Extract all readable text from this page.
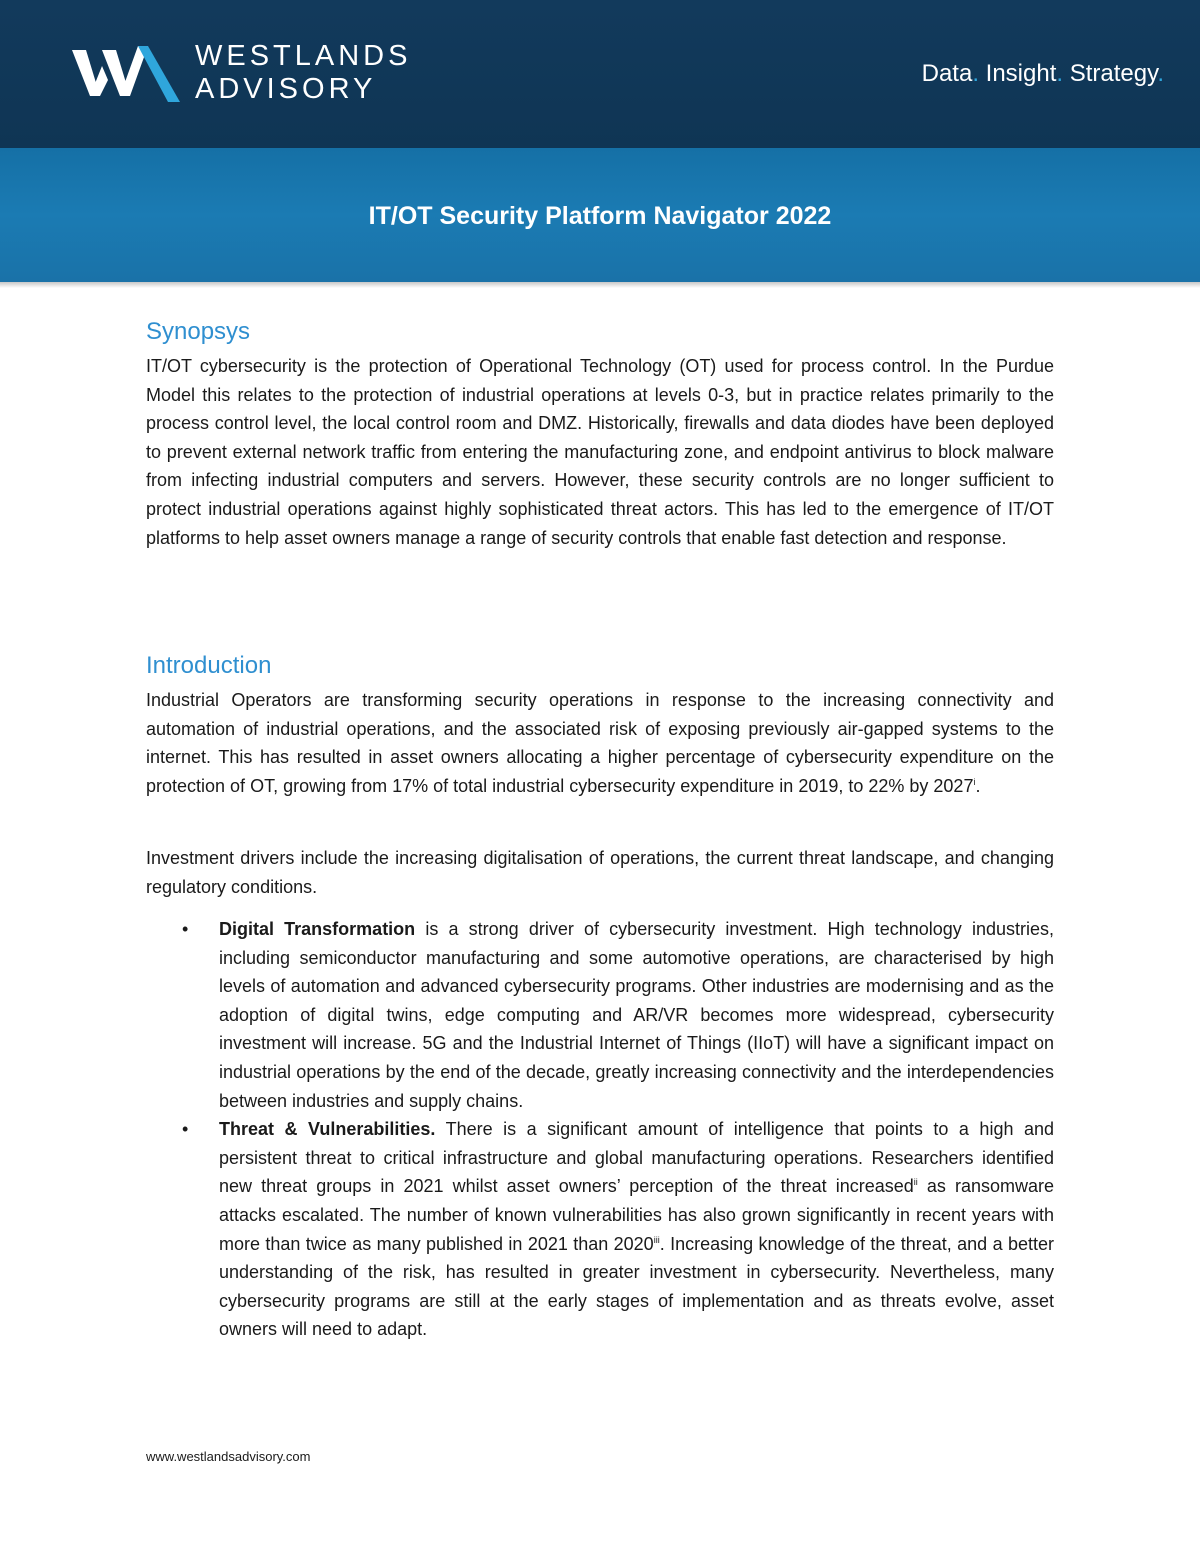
WESTLANDS
ADVISORY	Data. Insight. Strategy.
IT/OT Security Platform Navigator 2022
Synopsys

IT/OT cybersecurity is the protection of Operational Technology (OT) used for process control. In the Purdue Model this relates to the protection of industrial operations at levels 0-3, but in practice relates primarily to the process control level, the local control room and DMZ. Historically, firewalls and data diodes have been deployed to prevent external network traffic from entering the manufacturing zone, and endpoint antivirus to block malware from infecting industrial computers and servers. However, these security controls are no longer sufficient to protect industrial operations against highly sophisticated threat actors. This has led to the emergence of IT/OT platforms to help asset owners manage a range of security controls that enable fast detection and response.

Introduction

Industrial Operators are transforming security operations in response to the increasing connectivity and automation of industrial operations, and the associated risk of exposing previously air-gapped systems to the internet. This has resulted in asset owners allocating a higher percentage of cybersecurity expenditure on the protection of OT, growing from 17% of total industrial cybersecurity expenditure in 2019, to 22% by 2027$^i$.

Investment drivers include the increasing digitalisation of operations, the current threat landscape, and changing regulatory conditions.

• Digital Transformation is a strong driver of cybersecurity investment. High technology industries, including semiconductor manufacturing and some automotive operations, are characterised by high levels of automation and advanced cybersecurity programs. Other industries are modernising and as the adoption of digital twins, edge computing and AR/VR becomes more widespread, cybersecurity investment will increase. 5G and the Industrial Internet of Things (IIoT) will have a significant impact on industrial operations by the end of the decade, greatly increasing connectivity and the interdependencies between industries and supply chains.
• Threat & Vulnerabilities. There is a significant amount of intelligence that points to a high and persistent threat to critical infrastructure and global manufacturing operations. Researchers identified new threat groups in 2021 whilst asset owners’ perception of the threat increased$^{ii}$ as ransomware attacks escalated. The number of known vulnerabilities has also grown significantly in recent years with more than twice as many published in 2021 than 2020$^{iii}$. Increasing knowledge of the threat, and a better understanding of the risk, has resulted in greater investment in cybersecurity. Nevertheless, many cybersecurity programs are still at the early stages of implementation and as threats evolve, asset owners will need to adapt.
www.westlandsadvisory.com
